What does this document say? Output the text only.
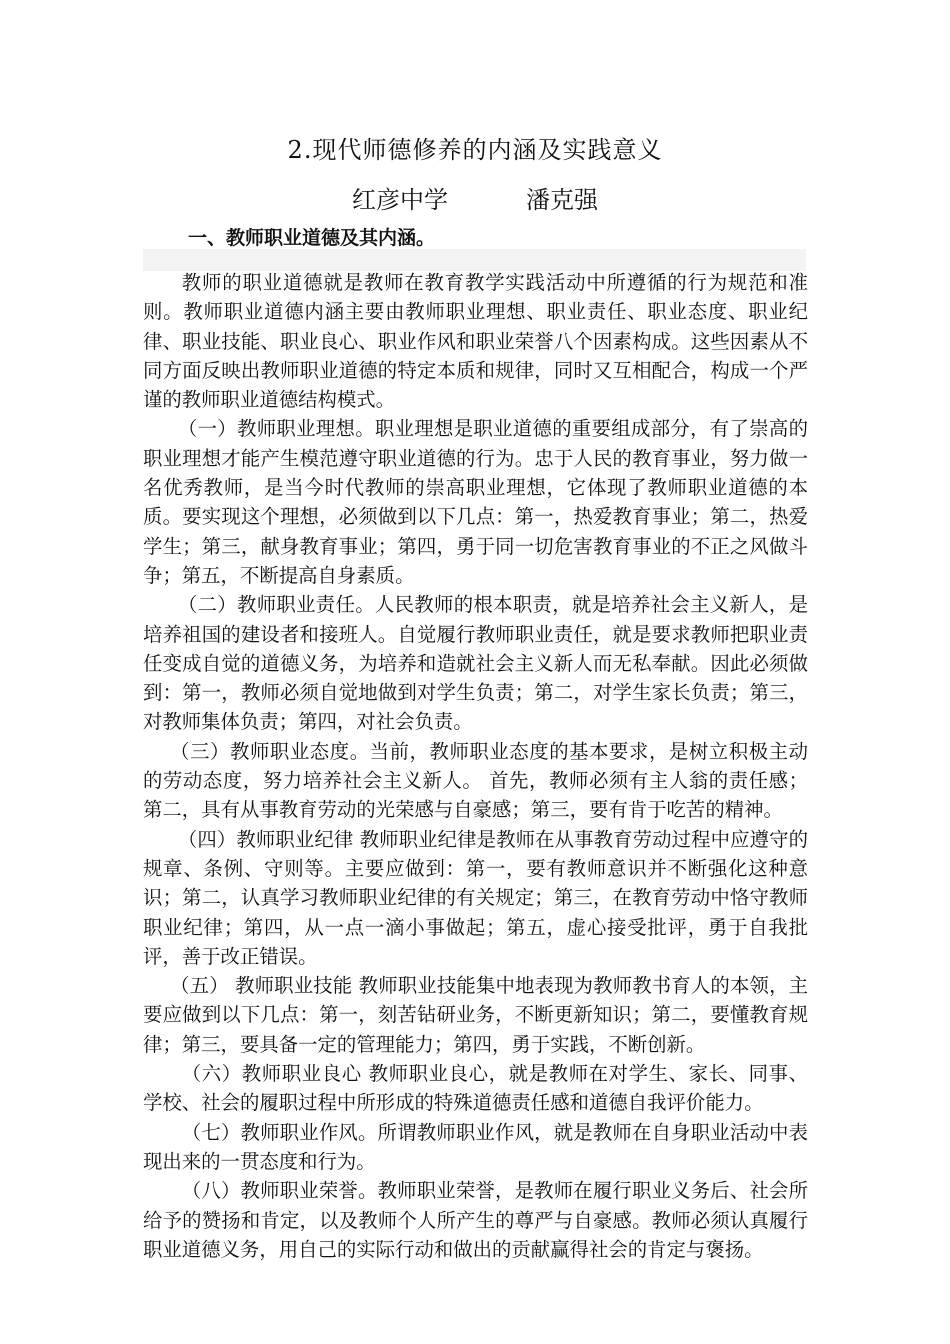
2.现代师德修养的内涵及实践意义
红彦中学	潘克强
一、教师职业道德及其内涵。

教师的职业道德就是教师在教育教学实践活动中所遵循的行为规范和准则。教师职业道德内涵主要由教师职业理想、职业责任、职业态度、职业纪律、职业技能、职业良心、职业作风和职业荣誉八个因素构成。这些因素从不同方面反映出教师职业道德的特定本质和规律，同时又互相配合，构成一个严谨的教师职业道德结构模式。

（一）教师职业理想。职业理想是职业道德的重要组成部分，有了崇高的职业理想才能产生模范遵守职业道德的行为。忠于人民的教育事业，努力做一名优秀教师，是当今时代教师的崇高职业理想，它体现了教师职业道德的本质。要实现这个理想，必须做到以下几点：第一，热爱教育事业；第二，热爱学生；第三，献身教育事业；第四，勇于同一切危害教育事业的不正之风做斗争；第五，不断提高自身素质。

（二）教师职业责任。人民教师的根本职责，就是培养社会主义新人，是培养祖国的建设者和接班人。自觉履行教师职业责任，就是要求教师把职业责任变成自觉的道德义务，为培养和造就社会主义新人而无私奉献。因此必须做到：第一，教师必须自觉地做到对学生负责；第二，对学生家长负责；第三，对教师集体负责；第四，对社会负责。

（三）教师职业态度。当前，教师职业态度的基本要求，是树立积极主动的劳动态度，努力培养社会主义新人。 首先，教师必须有主人翁的责任感；第二，具有从事教育劳动的光荣感与自豪感；第三，要有肯于吃苦的精神。

（四）教师职业纪律 教师职业纪律是教师在从事教育劳动过程中应遵守的规章、条例、守则等。主要应做到：第一，要有教师意识并不断强化这种意识；第二，认真学习教师职业纪律的有关规定；第三，在教育劳动中恪守教师职业纪律；第四，从一点一滴小事做起；第五，虚心接受批评，勇于自我批评，善于改正错误。

（五） 教师职业技能 教师职业技能集中地表现为教师教书育人的本领，主要应做到以下几点：第一，刻苦钻研业务，不断更新知识；第二，要懂教育规律；第三，要具备一定的管理能力；第四，勇于实践，不断创新。

（六）教师职业良心 教师职业良心，就是教师在对学生、家长、同事、学校、社会的履职过程中所形成的特殊道德责任感和道德自我评价能力。

（七）教师职业作风。所谓教师职业作风，就是教师在自身职业活动中表现出来的一贯态度和行为。

（八）教师职业荣誉。教师职业荣誉，是教师在履行职业义务后、社会所给予的赞扬和肯定，以及教师个人所产生的尊严与自豪感。教师必须认真履行职业道德义务，用自己的实际行动和做出的贡献赢得社会的肯定与褒扬。
